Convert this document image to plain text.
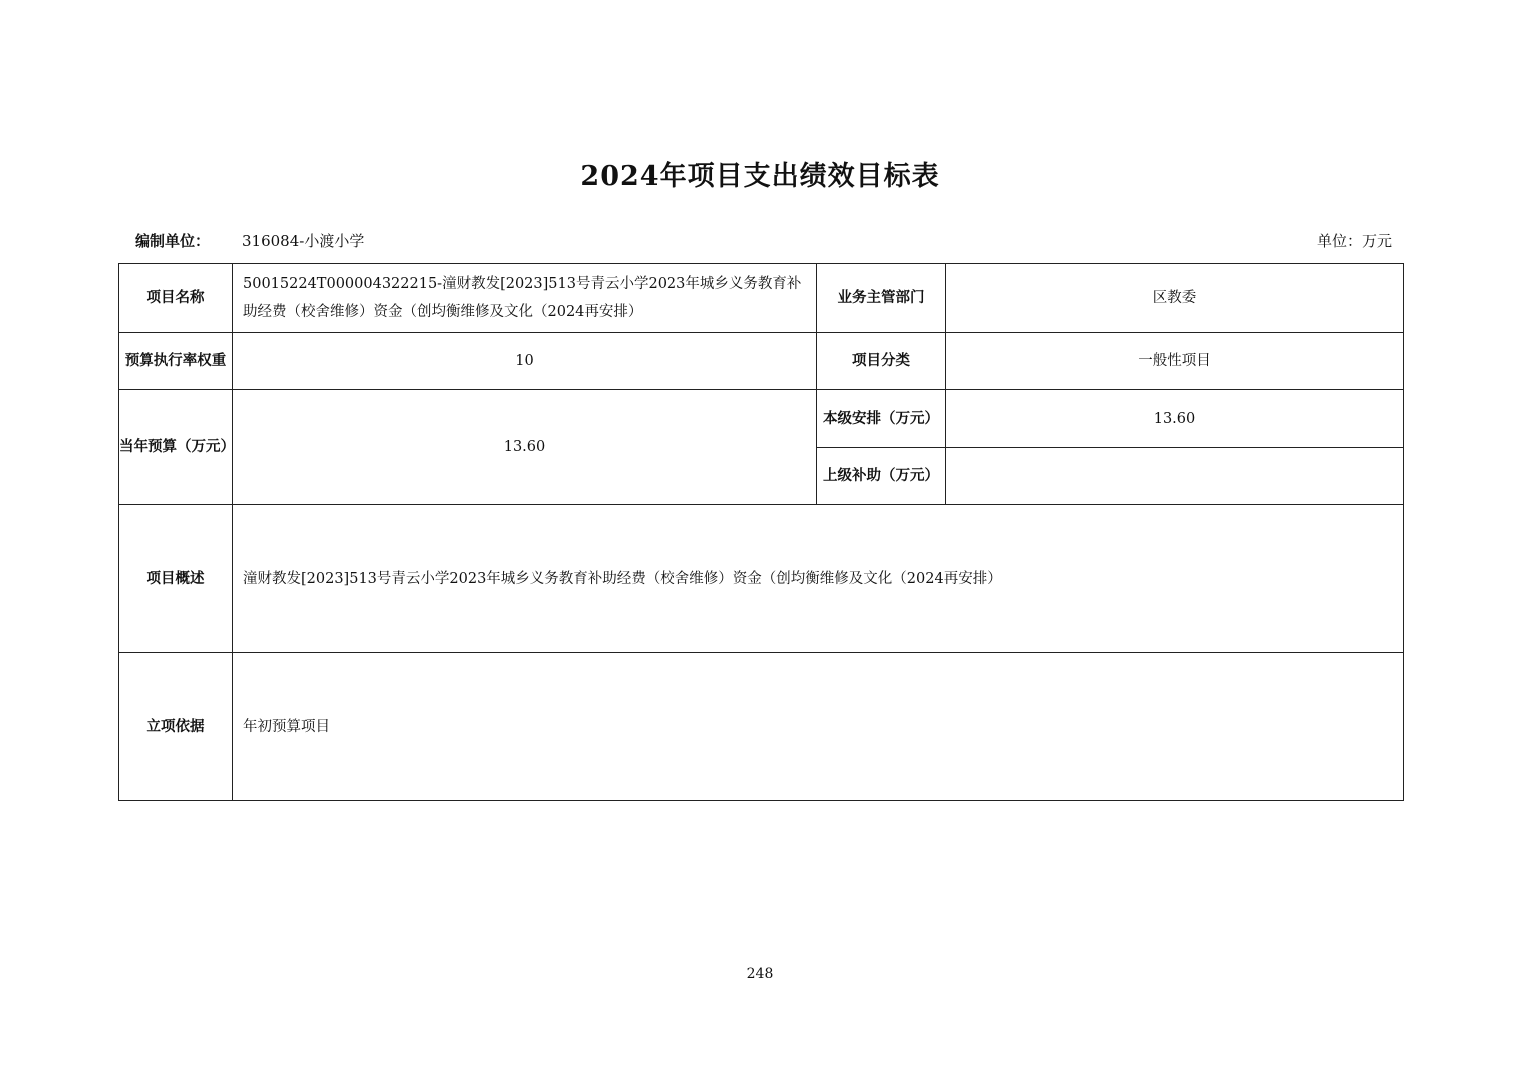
2024年项目支出绩效目标表
编制单位： 316084-小渡小学	单位：万元
项目名称	50015224T000004322215-潼财教发[2023]513号青云小学2023年城乡义务教育补助经费（校舍维修）资金（创均衡维修及文化（2024再安排）	业务主管部门	区教委
预算执行率权重	10	项目分类	一般性项目
当年预算（万元）	13.60	本级安排（万元）	13.60
		上级补助（万元）	
项目概述	潼财教发[2023]513号青云小学2023年城乡义务教育补助经费（校舍维修）资金（创均衡维修及文化（2024再安排）		
立项依据	年初预算项目		
248
